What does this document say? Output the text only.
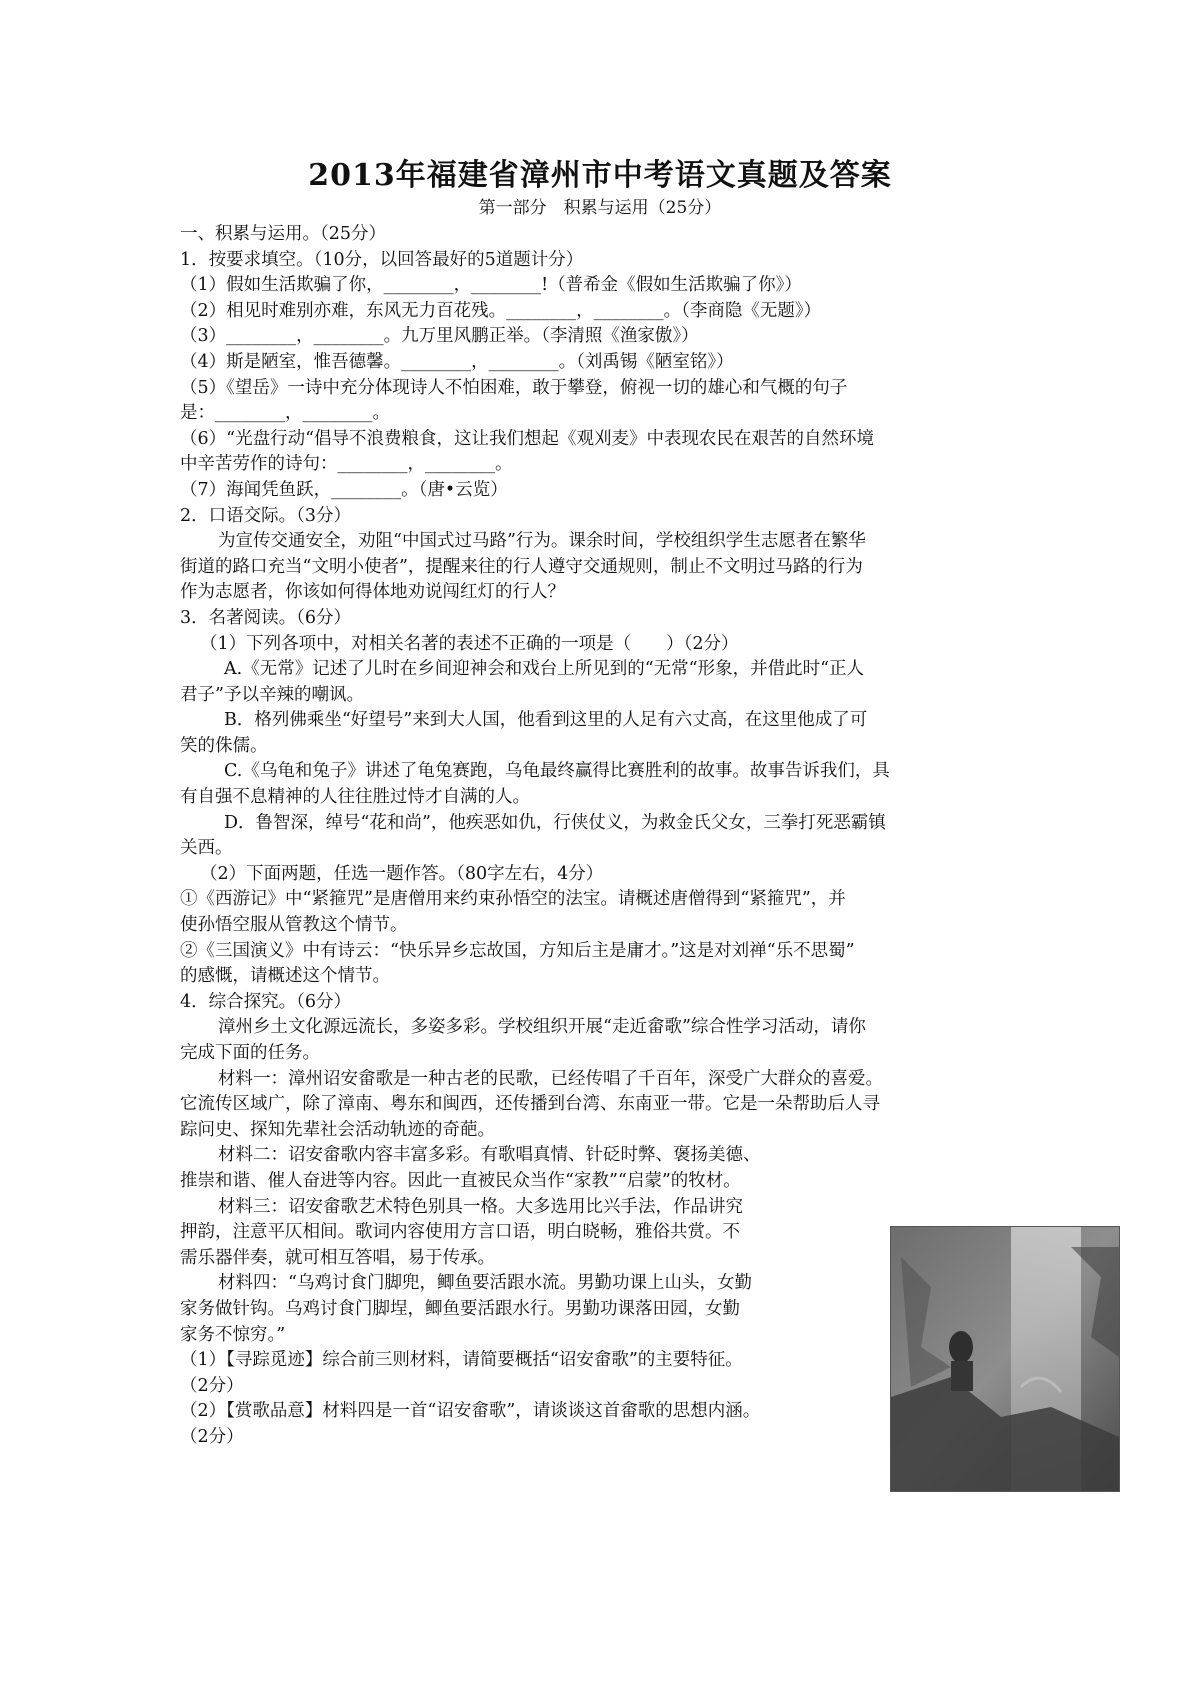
2013年福建省漳州市中考语文真题及答案
第一部分　积累与运用（25分）

一、积累与运用。（25分）

1．按要求填空。（10分，以回答最好的5道题计分）

（1）假如生活欺骗了你，________，________!（普希金《假如生活欺骗了你》）

（2）相见时难别亦难，东风无力百花残。________，________。（李商隐《无题》）

（3）________，________。九万里风鹏正举。（李清照《渔家傲》）

（4）斯是陋室，惟吾德馨。________，________。（刘禹锡《陋室铭》）

（5）《望岳》一诗中充分体现诗人不怕困难，敢于攀登，俯视一切的雄心和气概的句子

是：________，________。

（6）“光盘行动“倡导不浪费粮食，这让我们想起《观刈麦》中表现农民在艰苦的自然环境

中辛苦劳作的诗句：________，________。

（7）海闻凭鱼跃，________。（唐•云览）

2．口语交际。（3分）

为宣传交通安全，劝阻“中国式过马路”行为。课余时间，学校组织学生志愿者在繁华

街道的路口充当“文明小使者”，提醒来往的行人遵守交通规则，制止不文明过马路的行为

作为志愿者，你该如何得体地劝说闯红灯的行人？

3．名著阅读。（6分）

（1）下列各项中，对相关名著的表述不正确的一项是（　　）（2分）

A.《无常》记述了儿时在乡间迎神会和戏台上所见到的“无常“形象，并借此时“正人

君子”予以辛辣的嘲讽。

B．格列佛乘坐“好望号”来到大人国，他看到这里的人足有六丈高，在这里他成了可

笑的侏儒。

C.《乌龟和兔子》讲述了龟兔赛跑，乌龟最终赢得比赛胜利的故事。故事告诉我们，具

有自强不息精神的人往往胜过恃才自满的人。

D．鲁智深，绰号“花和尚”，他疾恶如仇，行侠仗义，为救金氏父女，三拳打死恶霸镇

关西。

（2）下面两题，任选一题作答。（80字左右，4分）

①《西游记》中“紧箍咒”是唐僧用来约束孙悟空的法宝。请概述唐僧得到“紧箍咒”，并

使孙悟空服从管教这个情节。

②《三国演义》中有诗云：“快乐异乡忘故国，方知后主是庸才。”这是对刘禅“乐不思蜀”

的感慨，请概述这个情节。

4．综合探究。（6分）

漳州乡土文化源远流长，多姿多彩。学校组织开展“走近畲歌”综合性学习活动，请你

完成下面的任务。

材料一：漳州诏安畲歌是一种古老的民歌，已经传唱了千百年，深受广大群众的喜爱。

它流传区域广，除了漳南、粤东和闽西，还传播到台湾、东南亚一带。它是一朵帮助后人寻

踪问史、探知先辈社会活动轨迹的奇葩。

材料二：诏安畲歌内容丰富多彩。有歌唱真情、针砭时弊、褒扬美德、

推崇和谐、催人奋进等内容。因此一直被民众当作“家教”“启蒙”的牧材。

材料三：诏安畲歌艺术特色别具一格。大多选用比兴手法，作品讲究

押韵，注意平仄相间。歌词内容使用方言口语，明白晓畅，雅俗共赏。不

需乐器伴奏，就可相互答唱，易于传承。

材料四：“乌鸡讨食门脚兜，鲫鱼要活跟水流。男勤功课上山头，女勤

家务做针钩。乌鸡讨食门脚埕，鲫鱼要活跟水行。男勤功课落田园，女勤

家务不惊穷。”

（1）【寻踪觅迹】综合前三则材料，请简要概括“诏安畲歌”的主要特征。

（2分）

（2）【赏歌品意】材料四是一首“诏安畲歌”，请谈谈这首畲歌的思想内涵。

（2分）
